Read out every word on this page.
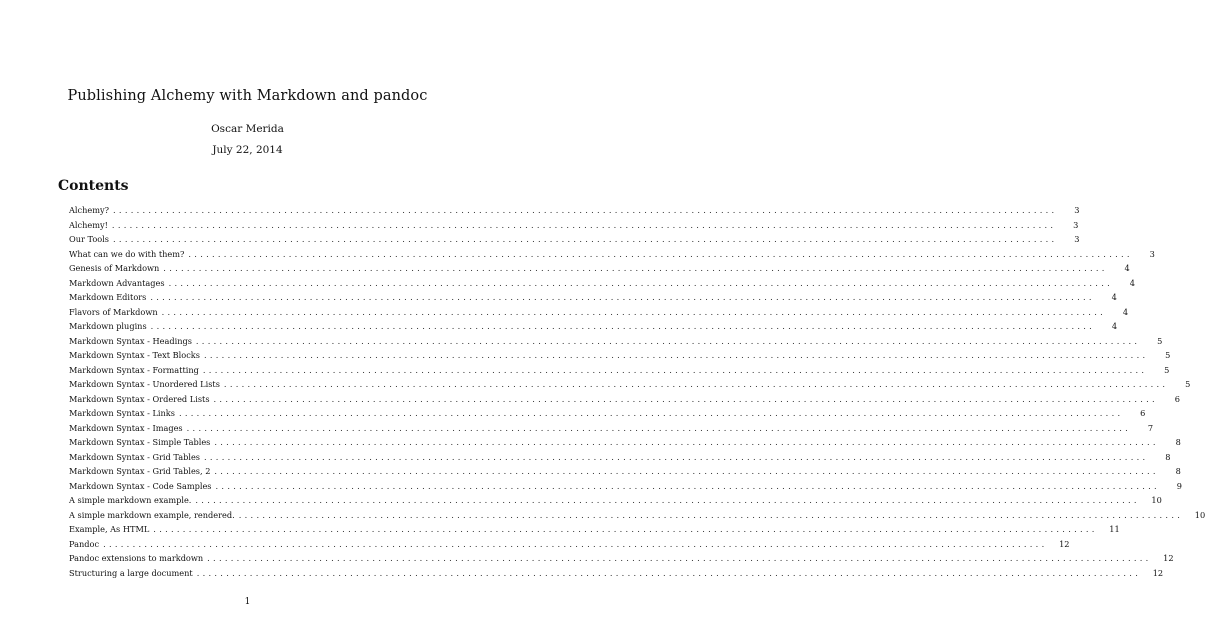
Publishing Alchemy with Markdown and pandoc
Oscar Merida
July 22, 2014
Contents
Alchemy? ................................................................................................................................................................	3
Alchemy! ................................................................................................................................................................	3
Our Tools ................................................................................................................................................................	3
What can we do with them? ................................................................................................................................................................	3
Genesis of Markdown ................................................................................................................................................................	4
Markdown Advantages ................................................................................................................................................................	4
Markdown Editors ................................................................................................................................................................	4
Flavors of Markdown ................................................................................................................................................................	4
Markdown plugins ................................................................................................................................................................	4
Markdown Syntax - Headings ................................................................................................................................................................	5
Markdown Syntax - Text Blocks ................................................................................................................................................................	5
Markdown Syntax - Formatting ................................................................................................................................................................	5
Markdown Syntax - Unordered Lists ................................................................................................................................................................	5
Markdown Syntax - Ordered Lists ................................................................................................................................................................	6
Markdown Syntax - Links ................................................................................................................................................................	6
Markdown Syntax - Images ................................................................................................................................................................	7
Markdown Syntax - Simple Tables ................................................................................................................................................................	8
Markdown Syntax - Grid Tables ................................................................................................................................................................	8
Markdown Syntax - Grid Tables, 2 ................................................................................................................................................................	8
Markdown Syntax - Code Samples ................................................................................................................................................................	9
A simple markdown example. ................................................................................................................................................................	10
A simple markdown example, rendered. ................................................................................................................................................................	10
Example, As HTML ................................................................................................................................................................	11
Pandoc ................................................................................................................................................................	12
Pandoc extensions to markdown ................................................................................................................................................................	12
Structuring a large document ................................................................................................................................................................	12
1
